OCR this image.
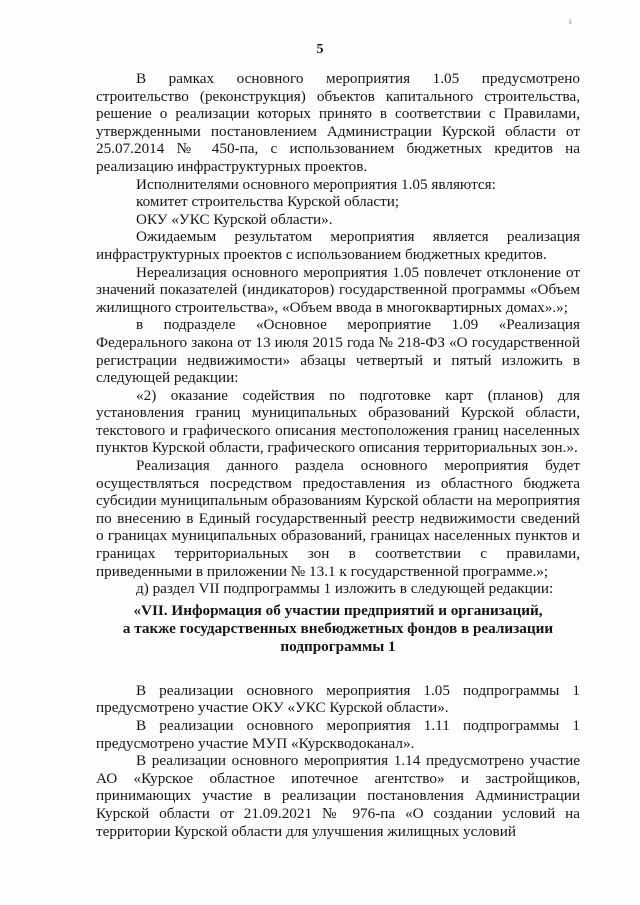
s
5

В рамках основного мероприятия 1.05 предусмотрено строительство (реконструкция) объектов капитального строительства, решение о реализации которых принято в соответствии с Правилами, утвержденными постановлением Администрации Курской области от 25.07.2014 № 450-па, с использованием бюджетных кредитов на реализацию инфраструктурных проектов.

Исполнителями основного мероприятия 1.05 являются:

комитет строительства Курской области;

ОКУ «УКС Курской области».

Ожидаемым результатом мероприятия является реализация инфраструктурных проектов с использованием бюджетных кредитов.

Нереализация основного мероприятия 1.05 повлечет отклонение от значений показателей (индикаторов) государственной программы «Объем жилищного строительства», «Объем ввода в многоквартирных домах».»;

в подразделе «Основное мероприятие 1.09 «Реализация Федерального закона от 13 июля 2015 года № 218-ФЗ «О государственной регистрации недвижимости» абзацы четвертый и пятый изложить в следующей редакции:

«2) оказание содействия по подготовке карт (планов) для установления границ муниципальных образований Курской области, текстового и графического описания местоположения границ населенных пунктов Курской области, графического описания территориальных зон.».

Реализация данного раздела основного мероприятия будет осуществляться посредством предоставления из областного бюджета субсидии муниципальным образованиям Курской области на мероприятия по внесению в Единый государственный реестр недвижимости сведений о границах муниципальных образований, границах населенных пунктов и границах территориальных зон в соответствии с правилами, приведенными в приложении № 13.1 к государственной программе.»;

д) раздел VII подпрограммы 1 изложить в следующей редакции:

«VII. Информация об участии предприятий и организаций,
а также государственных внебюджетных фондов в реализации
подпрограммы 1

В реализации основного мероприятия 1.05 подпрограммы 1 предусмотрено участие ОКУ «УКС Курской области».

В реализации основного мероприятия 1.11 подпрограммы 1 предусмотрено участие МУП «Курскводоканал».

В реализации основного мероприятия 1.14 предусмотрено участие АО «Курское областное ипотечное агентство» и застройщиков, принимающих участие в реализации постановления Администрации Курской области от 21.09.2021 № 976-па «О создании условий на территории Курской области для улучшения жилищных условий
